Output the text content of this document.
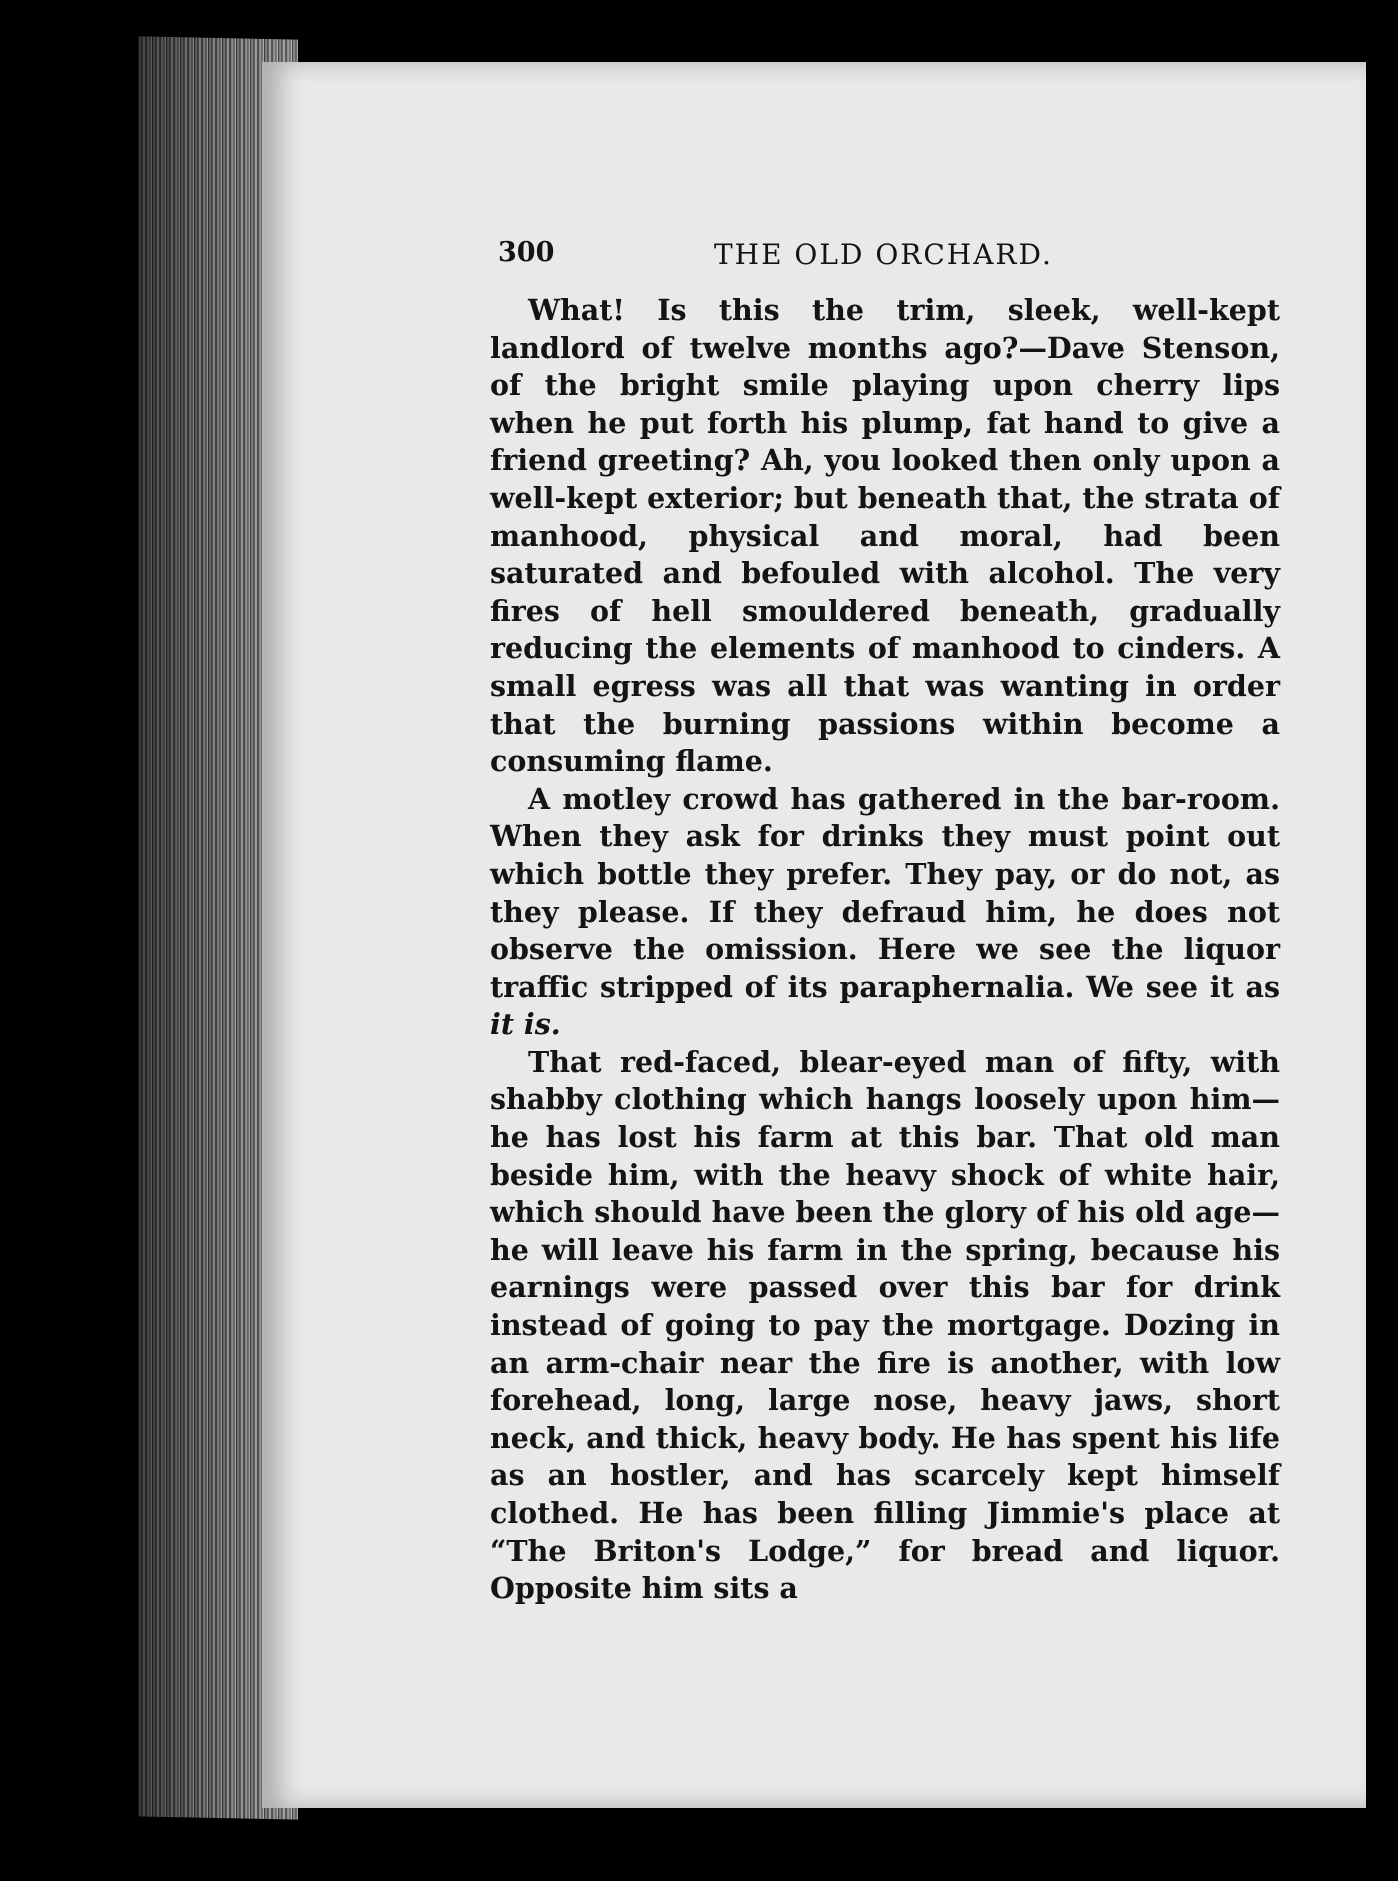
300	THE OLD ORCHARD.

What! Is this the trim, sleek, well-kept landlord of twelve months ago?—Dave Stenson, of the bright smile playing upon cherry lips when he put forth his plump, fat hand to give a friend greeting? Ah, you looked then only upon a well-kept exterior; but beneath that, the strata of manhood, physical and moral, had been saturated and befouled with alcohol. The very fires of hell smouldered beneath, gradually reducing the elements of manhood to cinders. A small egress was all that was wanting in order that the burning passions within become a consuming flame.

A motley crowd has gathered in the bar-room. When they ask for drinks they must point out which bottle they prefer. They pay, or do not, as they please. If they defraud him, he does not observe the omission. Here we see the liquor traffic stripped of its paraphernalia. We see it as it is.

That red-faced, blear-eyed man of fifty, with shabby clothing which hangs loosely upon him—he has lost his farm at this bar. That old man beside him, with the heavy shock of white hair, which should have been the glory of his old age—he will leave his farm in the spring, because his earnings were passed over this bar for drink instead of going to pay the mortgage. Dozing in an arm-chair near the fire is another, with low forehead, long, large nose, heavy jaws, short neck, and thick, heavy body. He has spent his life as an hostler, and has scarcely kept himself clothed. He has been filling Jimmie's place at “The Briton's Lodge,” for bread and liquor. Opposite him sits a
